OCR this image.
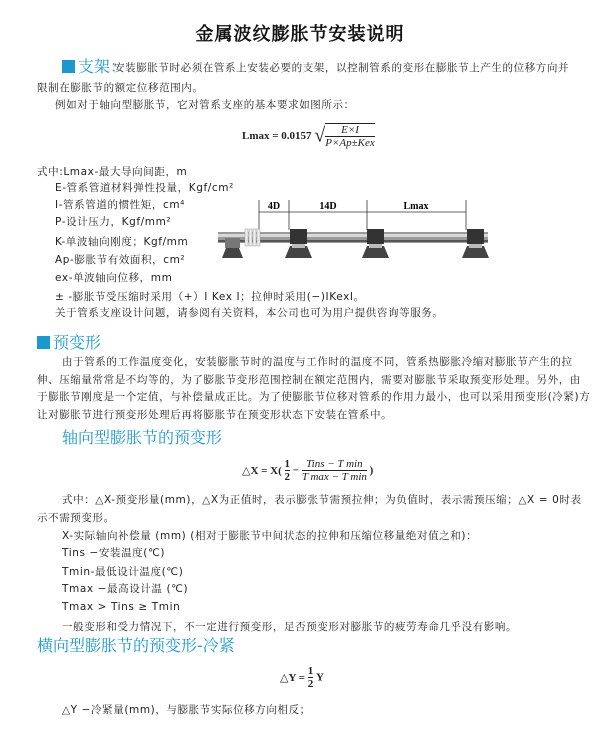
金属波纹膨胀节安装说明
支架：
安装膨胀节时必须在管系上安装必要的支架，以控制管系的变形在膨胀节上产生的位移方向并
限制在膨胀节的额定位移范围内。
例如对于轴向型膨胀节，它对管系支座的基本要求如图所示：
Lmax = 0.0157 √ $\frac{E\times I}{\text{P×Ap±Kex}}$
式中:Lmax-最大导向间距，m
E-管系管道材料弹性投量，Kgf/cm²
I-管系管道的惯性矩，cm⁴
P-设计压力，Kgf/mm²
K-单波轴向刚度；Kgf/mm
Ap-膨胀节有效面积，cm²
ex-单波轴向位移，mm
± -膨胀节受压缩时采用（+）I Kex I；拉伸时采用(−)IKexI。
关于管系支座设计问题，请参阅有关资料，本公司也可为用户提供咨询等服务。
4D	14D	Lmax
预变形
由于管系的工作温度变化，安装膨胀节时的温度与工作时的温度不同，管系热膨胀冷缩对膨胀节产生的拉
伸、压缩量常常是不均等的，为了膨胀节变形范围控制在额定范围内，需要对膨胀节采取预变形处理。另外，由
于膨胀节刚度是一个定值，与补偿量成正比。为了使膨胀节位移对管系的作用力最小，也可以采用预变形(冷紧)方
让对膨胀节进行预变形处理后再将膨胀节在预变形状态下安装在管系中。
轴向型膨胀节的预变形
△X = $X( \frac{1}{2} - \frac{\text{Tins − T min}}{\text{T max − T min}}$ )
式中：△X-预变形量(mm)，△X为正值时，表示膨张节需预拉伸；为负值时，表示需预压缩；△X = 0时表
示不需预变形。
X-实际轴向补偿量 (mm) (相对于膨胀节中间状态的拉伸和压缩位移量绝对值之和)：
Tins −安装温度(℃)
Tmin-最低设计温度(℃)
Tmax −最高设计温 (℃)
Tmax > Tins ≥ Tmin
一般变形和受力情况下，不一定进行预变形，足否预变形对膨胀节的疲劳寿命几乎没有影响。
横向型膨胀节的预变形-冷紧
△Y = $\frac{1}{2}$ Y
△Y −冷紧量(mm)，与膨胀节实际位移方向相反；
